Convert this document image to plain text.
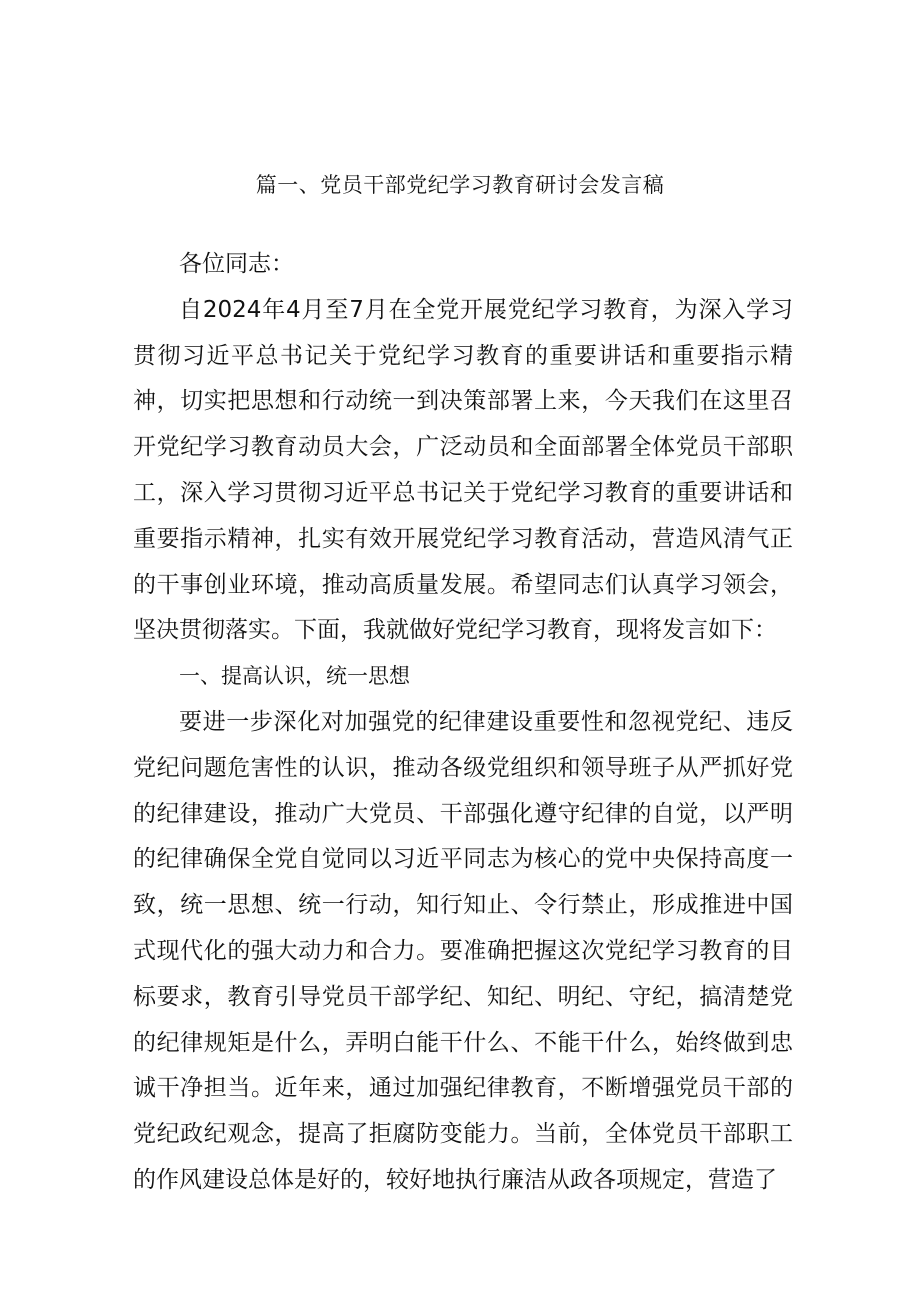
篇一、党员干部党纪学习教育研讨会发言稿

各位同志：

自2024年4月至7月在全党开展党纪学习教育，为深入学习贯彻习近平总书记关于党纪学习教育的重要讲话和重要指示精神，切实把思想和行动统一到决策部署上来，今天我们在这里召开党纪学习教育动员大会，广泛动员和全面部署全体党员干部职工，深入学习贯彻习近平总书记关于党纪学习教育的重要讲话和重要指示精神，扎实有效开展党纪学习教育活动，营造风清气正的干事创业环境，推动高质量发展。希望同志们认真学习领会，坚决贯彻落实。下面，我就做好党纪学习教育，现将发言如下：

一、提高认识，统一思想

要进一步深化对加强党的纪律建设重要性和忽视党纪、违反党纪问题危害性的认识，推动各级党组织和领导班子从严抓好党的纪律建设，推动广大党员、干部强化遵守纪律的自觉，以严明的纪律确保全党自觉同以习近平同志为核心的党中央保持高度一致，统一思想、统一行动，知行知止、令行禁止，形成推进中国式现代化的强大动力和合力。要准确把握这次党纪学习教育的目标要求，教育引导党员干部学纪、知纪、明纪、守纪，搞清楚党的纪律规矩是什么，弄明白能干什么、不能干什么，始终做到忠诚干净担当。近年来，通过加强纪律教育，不断增强党员干部的党纪政纪观念，提高了拒腐防变能力。当前，全体党员干部职工的作风建设总体是好的，较好地执行廉洁从政各项规定，营造了
